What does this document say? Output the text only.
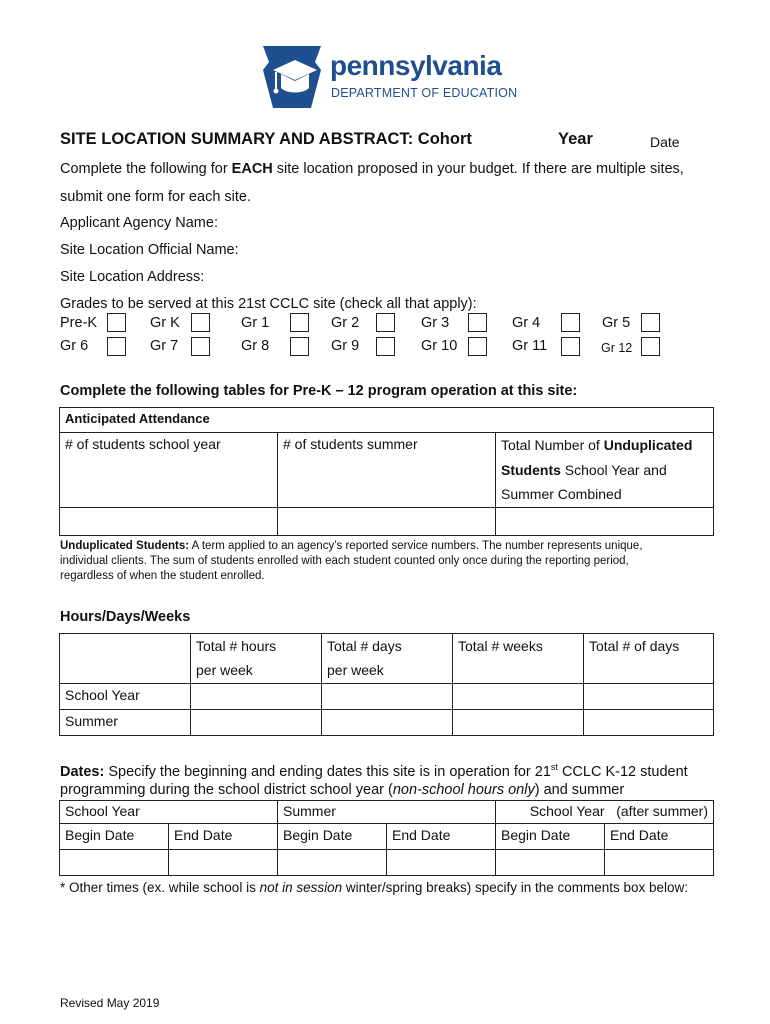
pennsylvania
DEPARTMENT OF EDUCATION
SITE LOCATION SUMMARY AND ABSTRACT: Cohort	Year	Date
Complete the following for EACH site location proposed in your budget. If there are multiple sites,
submit one form for each site.
Applicant Agency Name:
Site Location Official Name:
Site Location Address:
Grades to be served at this 21st CCLC site (check all that apply):
Pre-K	Gr K	Gr 1	Gr 2	Gr 3	Gr 4	Gr 5
Gr 6	Gr 7	Gr 8	Gr 9	Gr 10	Gr 11	Gr 12
Complete the following tables for Pre-K – 12 program operation at this site:
Anticipated Attendance		
# of students school year	# of students summer	Total Number of Unduplicated
Students School Year and
Summer Combined

Unduplicated Students: A term applied to an agency’s reported service numbers. The number represents unique,
individual clients. The sum of students enrolled with each student counted only once during the reporting period,
regardless of when the student enrolled.
Hours/Days/Weeks
	Total # hours
per week	Total # days
per week	Total # weeks	Total # of days
School Year				
Summer				
Dates: Specify the beginning and ending dates this site is in operation for 21st CCLC K-12 student
programming during the school district school year (non-school hours only) and summer
School Year		Summer		School Year   (after summer)	
Begin Date	End Date	Begin Date	End Date	Begin Date	End Date

* Other times (ex. while school is not in session winter/spring breaks) specify in the comments box below:
Revised May 2019
